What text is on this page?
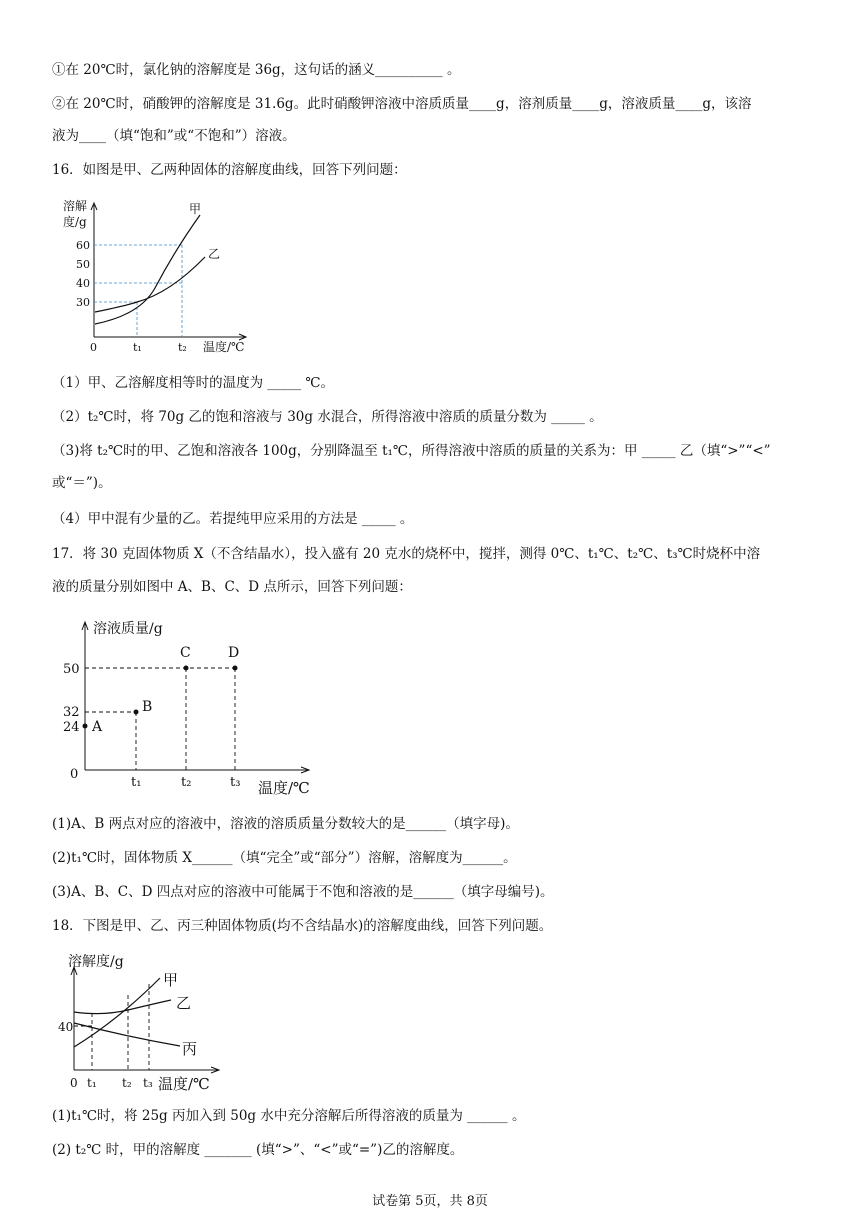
①在 20℃时，氯化钠的溶解度是 36g，这句话的涵义__________ 。
②在 20℃时，硝酸钾的溶解度是 31.6g。此时硝酸钾溶液中溶质质量____g，溶剂质量____g，溶液质量____g，该溶
液为____（填“饱和”或“不饱和”）溶液。
16．如图是甲、乙两种固体的溶解度曲线，回答下列问题：
溶解
度/g
60
50
40
30
0	t₁	t₂ 温度/℃
甲
乙
（1）甲、乙溶解度相等时的温度为 _____ ℃。
（2）t₂℃时，将 70g 乙的饱和溶液与 30g 水混合，所得溶液中溶质的质量分数为 _____ 。
（3)将 t₂℃时的甲、乙饱和溶液各 100g，分别降温至 t₁℃，所得溶液中溶质的质量的关系为：甲 _____ 乙（填“>”“<”
或“＝”)。
（4）甲中混有少量的乙。若提纯甲应采用的方法是 _____ 。
17．将 30 克固体物质 X（不含结晶水），投入盛有 20 克水的烧杯中，搅拌，测得 0℃、t₁℃、t₂℃、t₃℃时烧杯中溶
液的质量分别如图中 A、B、C、D 点所示，回答下列问题：
溶液质量/g
50
32
24
0
A
B
C	D
t₁	t₂	t₃ 温度/℃
(1)A、B 两点对应的溶液中，溶液的溶质质量分数较大的是______（填字母)。
(2)t₁℃时，固体物质 X______（填“完全”或“部分”）溶解，溶解度为______。
(3)A、B、C、D 四点对应的溶液中可能属于不饱和溶液的是______（填字母编号)。
18．下图是甲、乙、丙三种固体物质(均不含结晶水)的溶解度曲线，回答下列问题。
溶解度/g
40
甲
乙
丙
0 t₁ t₂ t₃ 温度/℃
(1)t₁℃时，将 25g 丙加入到 50g 水中充分溶解后所得溶液的质量为 ______ 。
(2) t₂℃ 时，甲的溶解度 _______ (填“>”、“<”或“=”)乙的溶解度。
试卷第 5页，共 8页
